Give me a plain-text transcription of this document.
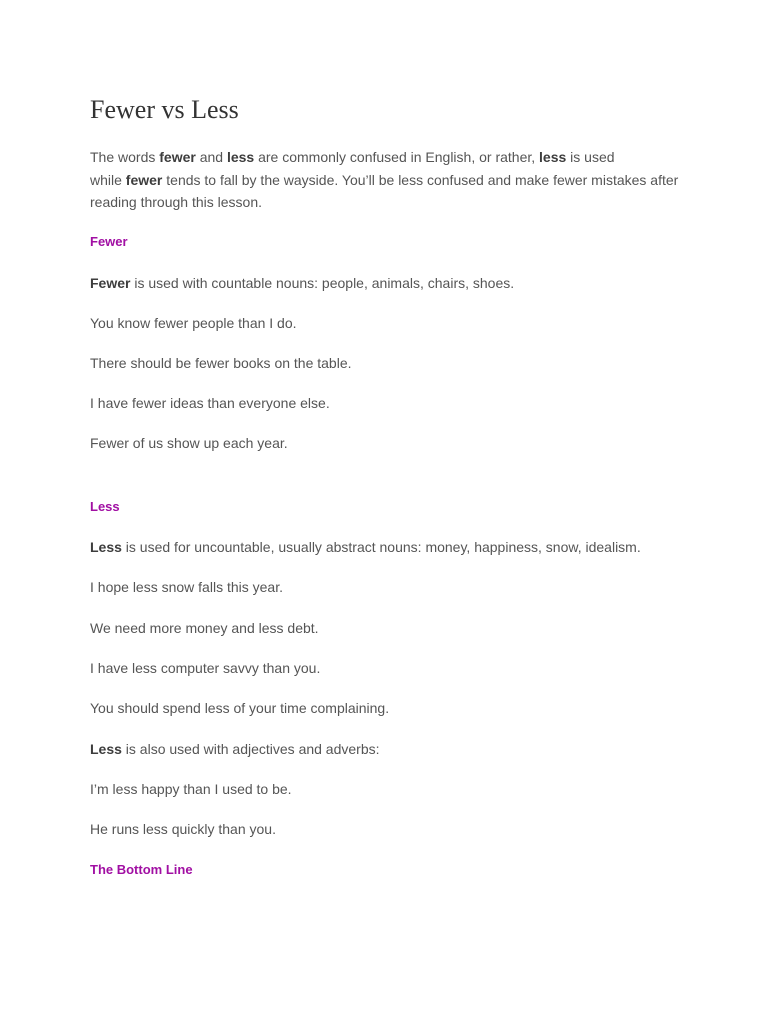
Fewer vs Less
The words fewer and less are commonly confused in English, or rather, less is used
while fewer tends to fall by the wayside. You’ll be less confused and make fewer mistakes after
reading through this lesson.
Fewer

Fewer is used with countable nouns: people, animals, chairs, shoes.

You know fewer people than I do.

There should be fewer books on the table.

I have fewer ideas than everyone else.

Fewer of us show up each year.

Less

Less is used for uncountable, usually abstract nouns: money, happiness, snow, idealism.

I hope less snow falls this year.

We need more money and less debt.

I have less computer savvy than you.

You should spend less of your time complaining.

Less is also used with adjectives and adverbs:

I’m less happy than I used to be.

He runs less quickly than you.

The Bottom Line
